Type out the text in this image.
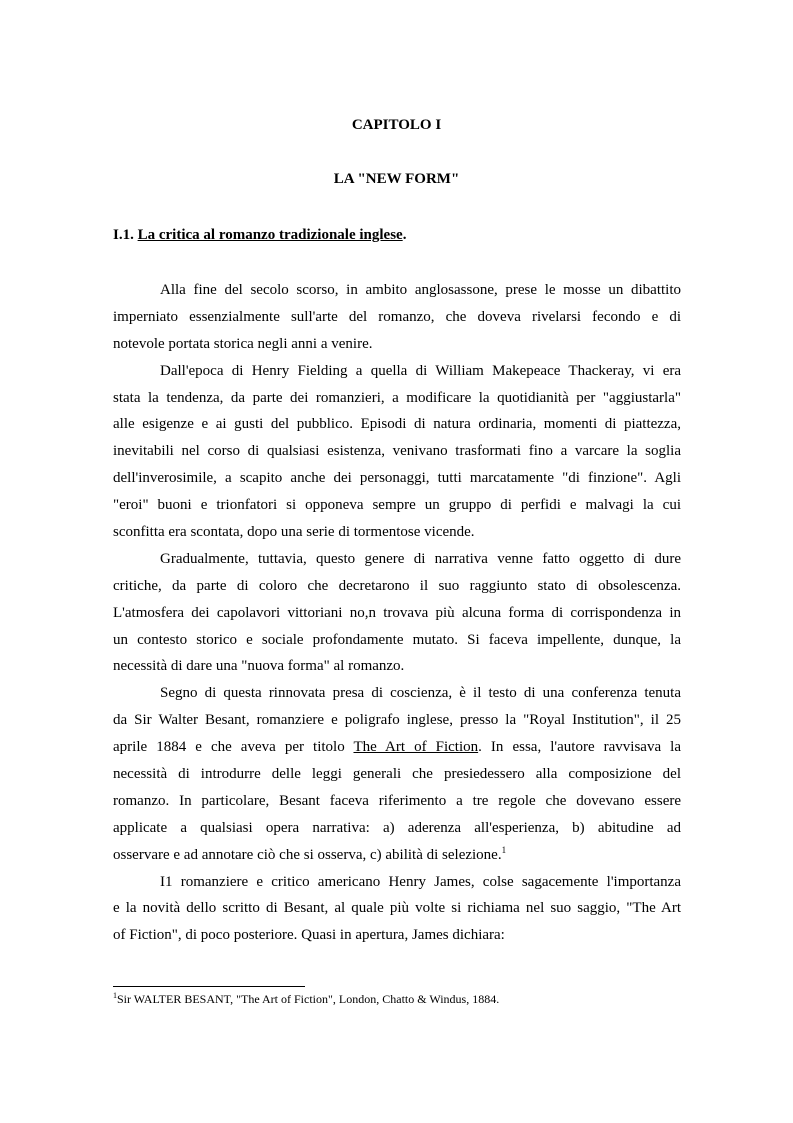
CAPITOLO I
LA "NEW FORM"
I.1. La critica al romanzo tradizionale inglese.
Alla fine del secolo scorso, in ambito anglosassone, prese le mosse un dibattito
imperniato essenzialmente sull'arte del romanzo, che doveva rivelarsi fecondo e di
notevole portata storica negli anni a venire.
Dall'epoca di Henry Fielding a quella di William Makepeace Thackeray, vi era
stata la tendenza, da parte dei romanzieri, a modificare la quotidianità per "aggiustarla"
alle esigenze e ai gusti del pubblico. Episodi di natura ordinaria, momenti di piattezza,
inevitabili nel corso di qualsiasi esistenza, venivano trasformati fino a varcare la soglia
dell'inverosimile, a scapito anche dei personaggi, tutti marcatamente "di finzione". Agli
"eroi" buoni e trionfatori si opponeva sempre un gruppo di perfidi e malvagi la cui
sconfitta era scontata, dopo una serie di tormentose vicende.
Gradualmente, tuttavia, questo genere di narrativa venne fatto oggetto di dure
critiche, da parte di coloro che decretarono il suo raggiunto stato di obsolescenza.
L'atmosfera dei capolavori vittoriani no,n trovava più alcuna forma di corrispondenza in
un contesto storico e sociale profondamente mutato. Si faceva impellente, dunque, la
necessità di dare una "nuova forma" al romanzo.
Segno di questa rinnovata presa di coscienza, è il testo di una conferenza tenuta
da Sir Walter Besant, romanziere e poligrafo inglese, presso la "Royal Institution", il 25
aprile 1884 e che aveva per titolo The Art of Fiction. In essa, l'autore ravvisava la
necessità di introdurre delle leggi generali che presiedessero alla composizione del
romanzo. In particolare, Besant faceva riferimento a tre regole che dovevano essere
applicate a qualsiasi opera narrativa: a) aderenza all'esperienza, b) abitudine ad
osservare e ad annotare ciò che si osserva, c) abilità di selezione.$^1$
I1 romanziere e critico americano Henry James, colse sagacemente l'importanza
e la novità dello scritto di Besant, al quale più volte si richiama nel suo saggio, "The Art
of Fiction", di poco posteriore. Quasi in apertura, James dichiara:
$^1$Sir WALTER BESANT, "The Art of Fiction", London, Chatto & Windus, 1884.
